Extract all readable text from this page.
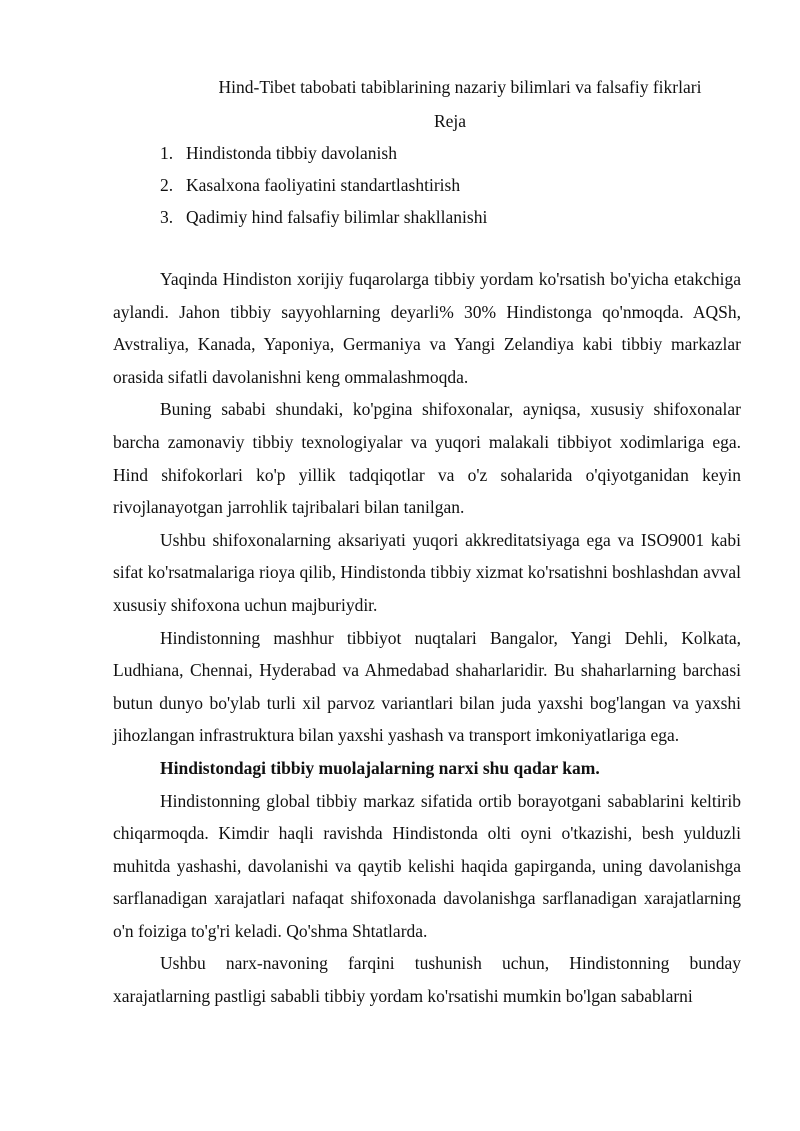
Hind-Tibet tabobati tabiblarining nazariy bilimlari va falsafiy fikrlari
Reja
1. Hindistonda tibbiy davolanish
2. Kasalxona faoliyatini standartlashtirish
3. Qadimiy hind falsafiy bilimlar shakllanishi

Yaqinda Hindiston xorijiy fuqarolarga tibbiy yordam ko'rsatish bo'yicha etakchiga aylandi. Jahon tibbiy sayyohlarning deyarli% 30% Hindistonga qo'nmoqda. AQSh, Avstraliya, Kanada, Yaponiya, Germaniya va Yangi Zelandiya kabi tibbiy markazlar orasida sifatli davolanishni keng ommalashmoqda.

Buning sababi shundaki, ko'pgina shifoxonalar, ayniqsa, xususiy shifoxonalar barcha zamonaviy tibbiy texnologiyalar va yuqori malakali tibbiyot xodimlariga ega. Hind shifokorlari ko'p yillik tadqiqotlar va o'z sohalarida o'qiyotganidan keyin rivojlanayotgan jarrohlik tajribalari bilan tanilgan.

Ushbu shifoxonalarning aksariyati yuqori akkreditatsiyaga ega va ISO9001 kabi sifat ko'rsatmalariga rioya qilib, Hindistonda tibbiy xizmat ko'rsatishni boshlashdan avval xususiy shifoxona uchun majburiydir.

Hindistonning mashhur tibbiyot nuqtalari Bangalor, Yangi Dehli, Kolkata, Ludhiana, Chennai, Hyderabad va Ahmedabad shaharlaridir. Bu shaharlarning barchasi butun dunyo bo'ylab turli xil parvoz variantlari bilan juda yaxshi bog'langan va yaxshi jihozlangan infrastruktura bilan yaxshi yashash va transport imkoniyatlariga ega.

Hindistondagi tibbiy muolajalarning narxi shu qadar kam.

Hindistonning global tibbiy markaz sifatida ortib borayotgani sabablarini keltirib chiqarmoqda. Kimdir haqli ravishda Hindistonda olti oyni o'tkazishi, besh yulduzli muhitda yashashi, davolanishi va qaytib kelishi haqida gapirganda, uning davolanishga sarflanadigan xarajatlari nafaqat shifoxonada davolanishga sarflanadigan xarajatlarning o'n foiziga to'g'ri keladi. Qo'shma Shtatlarda.

Ushbu narx-navoning farqini tushunish uchun, Hindistonning bunday xarajatlarning pastligi sababli tibbiy yordam ko'rsatishi mumkin bo'lgan sabablarni
